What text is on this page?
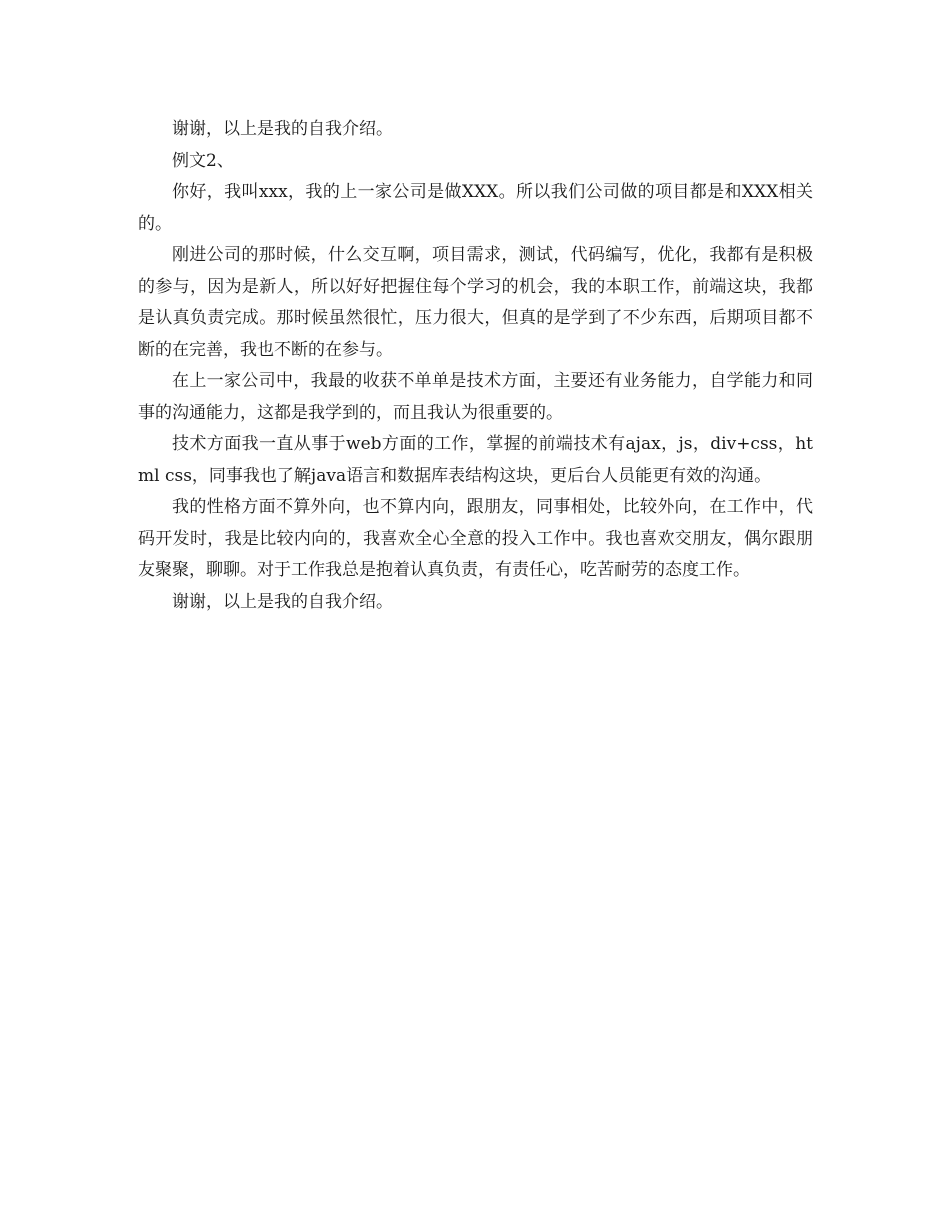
谢谢，以上是我的自我介绍。

例文2、

你好，我叫xxx，我的上一家公司是做XXX。所以我们公司做的项目都是和XXX相关的。

刚进公司的那时候，什么交互啊，项目需求，测试，代码编写，优化，我都有是积极的参与，因为是新人，所以好好把握住每个学习的机会，我的本职工作，前端这块，我都是认真负责完成。那时候虽然很忙，压力很大，但真的是学到了不少东西，后期项目都不断的在完善，我也不断的在参与。

在上一家公司中，我最的收获不单单是技术方面，主要还有业务能力，自学能力和同事的沟通能力，这都是我学到的，而且我认为很重要的。

技术方面我一直从事于web方面的工作，掌握的前端技术有ajax，js，div+css，html css，同事我也了解java语言和数据库表结构这块，更后台人员能更有效的沟通。

我的性格方面不算外向，也不算内向，跟朋友，同事相处，比较外向，在工作中，代码开发时，我是比较内向的，我喜欢全心全意的投入工作中。我也喜欢交朋友，偶尔跟朋友聚聚，聊聊。对于工作我总是抱着认真负责，有责任心，吃苦耐劳的态度工作。

谢谢，以上是我的自我介绍。
